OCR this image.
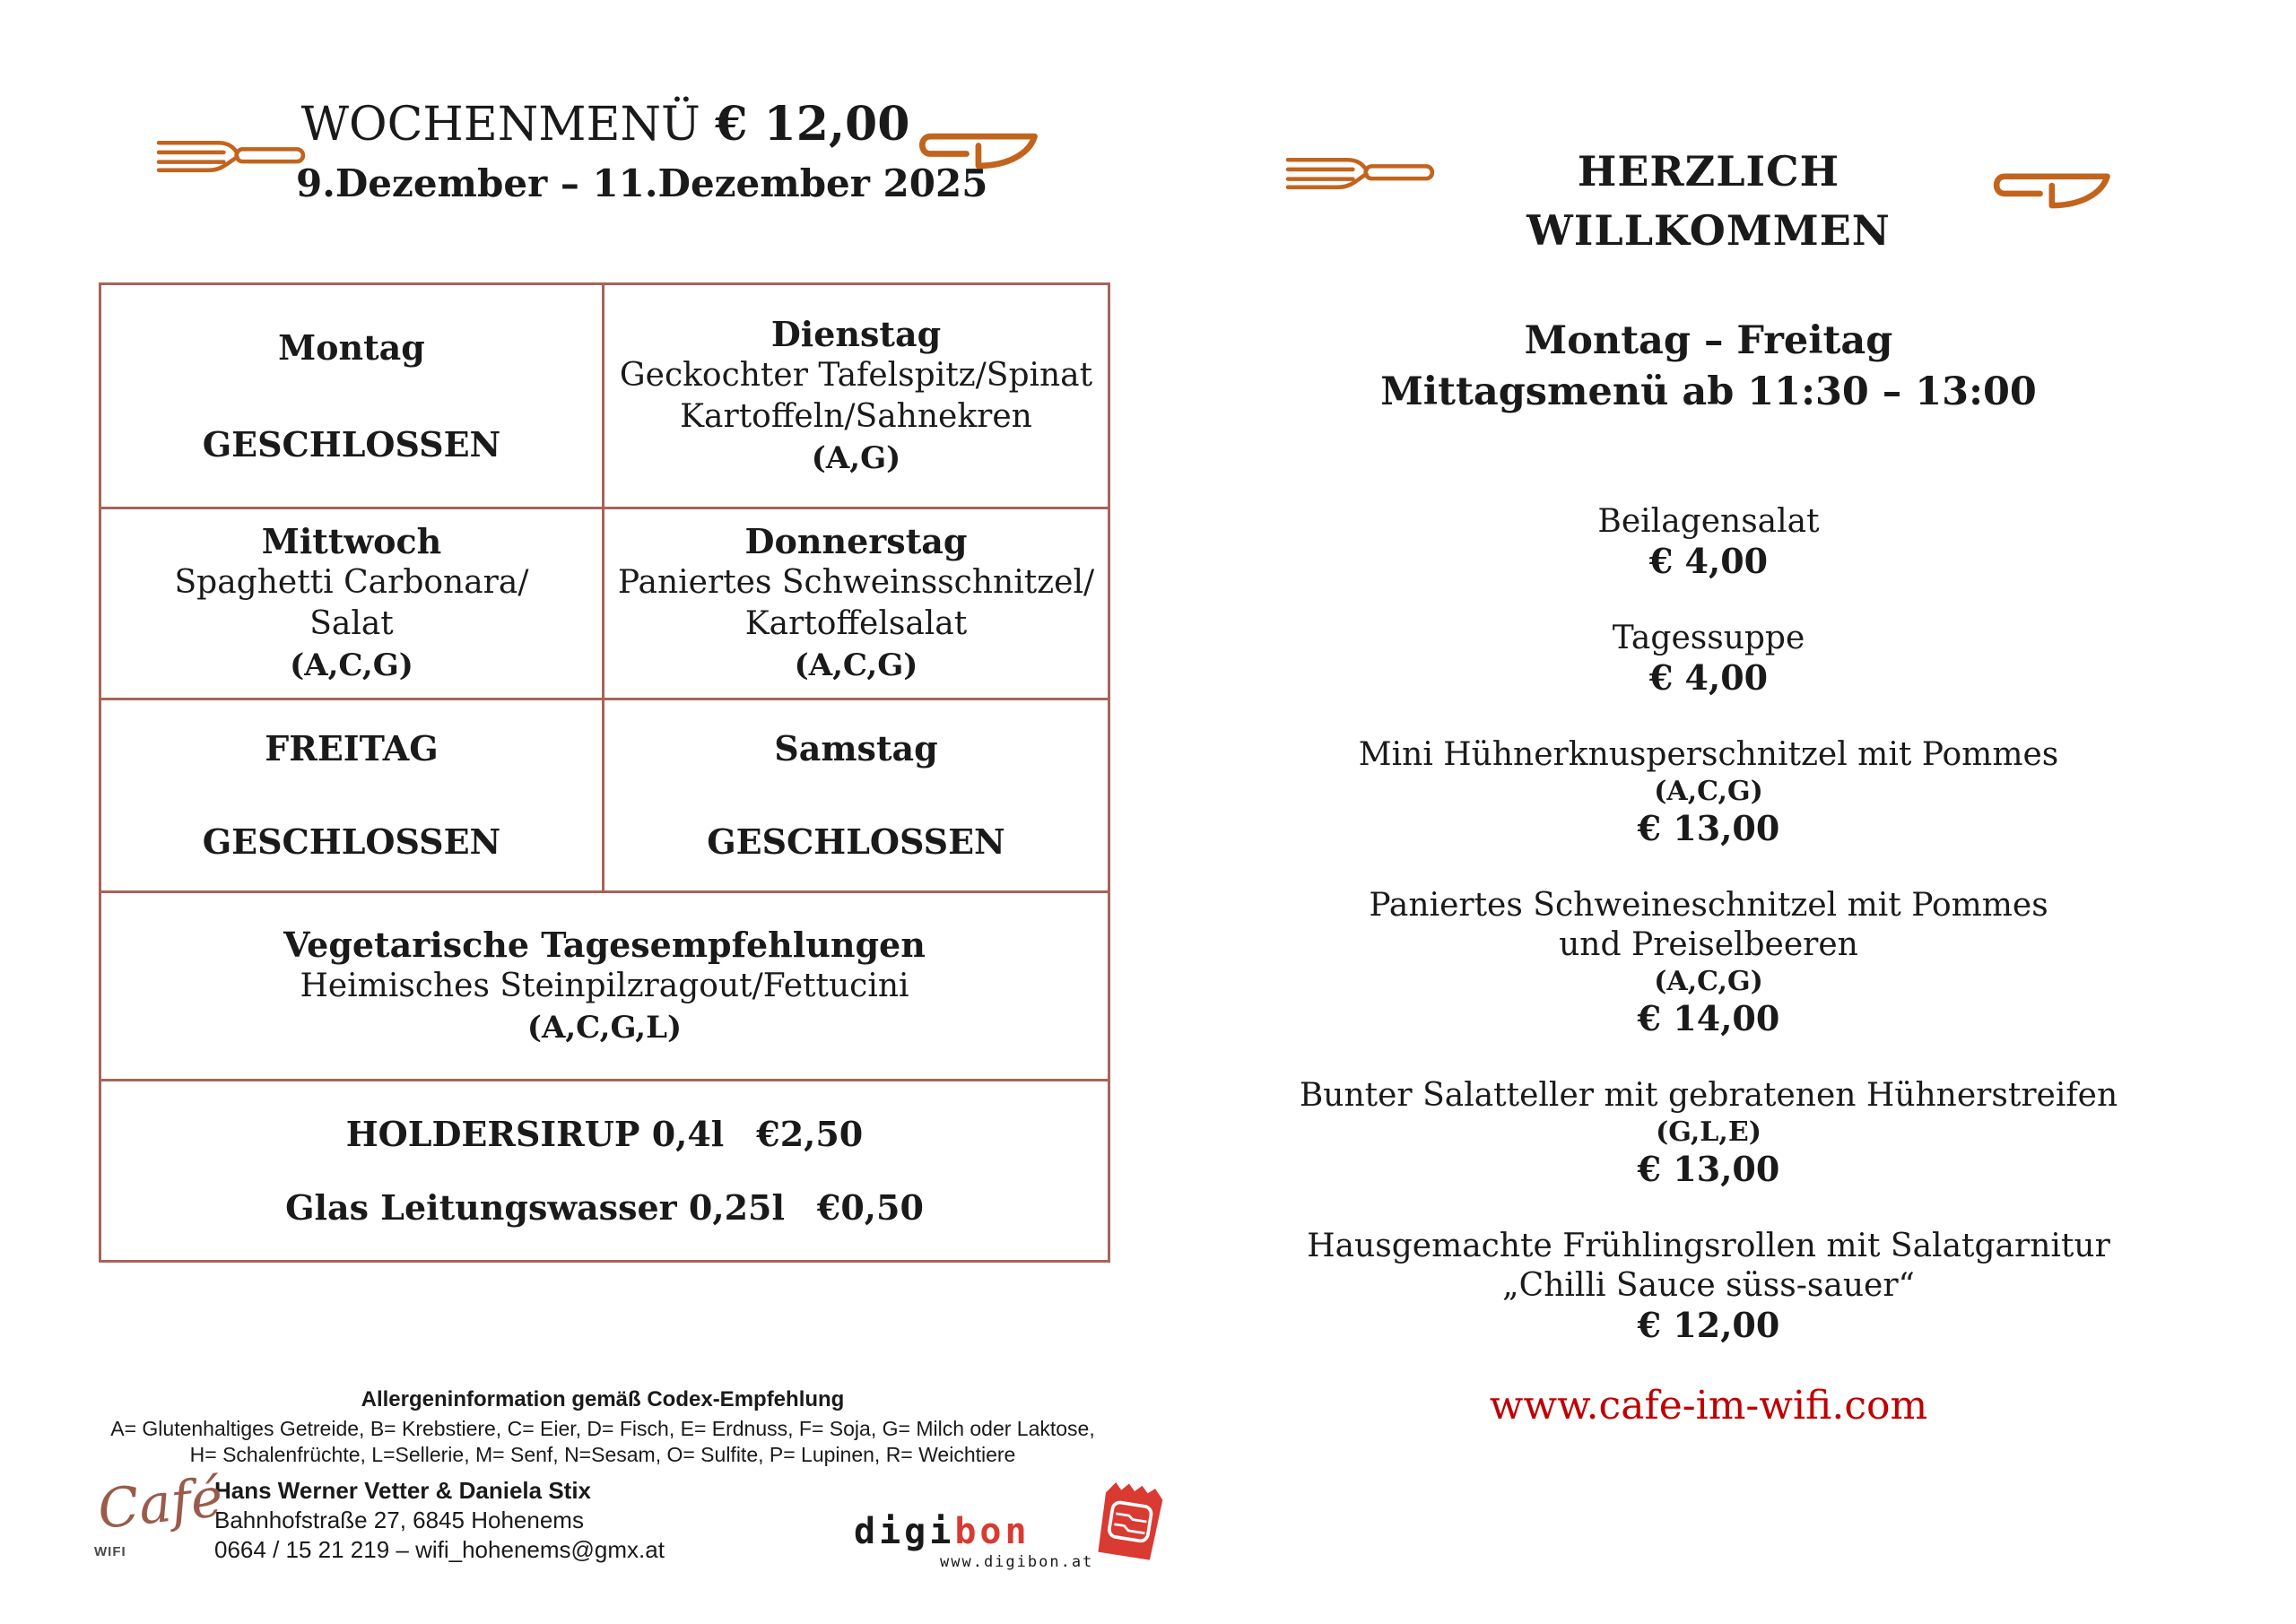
WOCHENMENÜ € 12,00
9.Dezember – 11.Dezember 2025
Montag
GESCHLOSSEN
Dienstag
Geckochter Tafelspitz/Spinat
Kartoffeln/Sahnekren
(A,G)
Mittwoch
Spaghetti Carbonara/
Salat
(A,C,G)
Donnerstag
Paniertes Schweinsschnitzel/
Kartoffelsalat
(A,C,G)
FREITAG
GESCHLOSSEN
Samstag
GESCHLOSSEN
Vegetarische Tagesempfehlungen
Heimisches Steinpilzragout/Fettucini
(A,C,G,L)
HOLDERSIRUP 0,4l €2,50
Glas Leitungswasser 0,25l €0,50
Allergeninformation gemäß Codex-Empfehlung
A= Glutenhaltiges Getreide, B= Krebstiere, C= Eier, D= Fisch, E= Erdnuss, F= Soja, G= Milch oder Laktose,
H= Schalenfrüchte, L=Sellerie, M= Senf, N=Sesam, O= Sulfite, P= Lupinen, R= Weichtiere
Café
WIFI
Hans Werner Vetter & Daniela Stix
Bahnhofstraße 27, 6845 Hohenems
0664 / 15 21 219 – wifi_hohenems@gmx.at	digibon
www.digibon.at
HERZLICH
WILLKOMMEN
Montag – Freitag
Mittagsmenü ab 11:30 – 13:00
Beilagensalat
€ 4,00
Tagessuppe
€ 4,00
Mini Hühnerknusperschnitzel mit Pommes
(A,C,G)
€ 13,00
Paniertes Schweineschnitzel mit Pommes
und Preiselbeeren
(A,C,G)
€ 14,00
Bunter Salatteller mit gebratenen Hühnerstreifen
(G,L,E)
€ 13,00
Hausgemachte Frühlingsrollen mit Salatgarnitur
„Chilli Sauce süss-sauer“
€ 12,00
www.cafe-im-wifi.com
